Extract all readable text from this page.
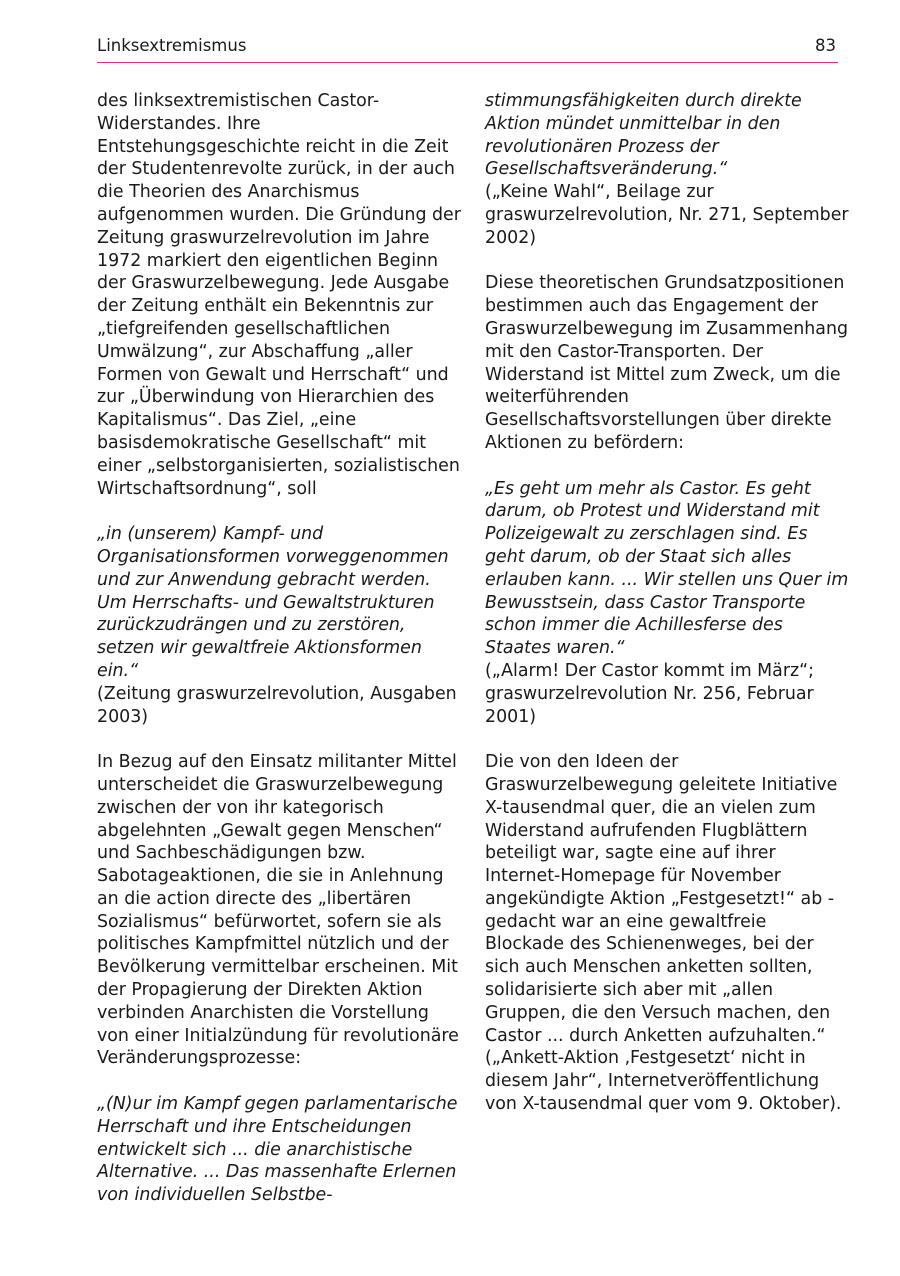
Linksextremismus	83

des linksextremistischen Castor-Widerstandes. Ihre Entstehungsgeschichte reicht in die Zeit der Studentenrevolte zurück, in der auch die Theorien des Anarchismus aufgenommen wurden. Die Gründung der Zeitung graswurzelrevolution im Jahre 1972 markiert den eigentlichen Beginn der Graswurzelbewegung. Jede Ausgabe der Zeitung enthält ein Bekenntnis zur „tiefgreifenden gesellschaftlichen Umwälzung“, zur Abschaffung „aller Formen von Gewalt und Herrschaft“ und zur „Überwindung von Hierarchien des Kapitalismus“. Das Ziel, „eine basisdemokratische Gesellschaft“ mit einer „selbstorganisierten, sozialistischen Wirtschaftsordnung“, soll

„in (unserem) Kampf- und Organisationsformen vorweggenommen und zur Anwendung gebracht werden. Um Herrschafts- und Gewaltstrukturen zurückzudrängen und zu zerstören, setzen wir gewaltfreie Aktionsformen ein.“

(Zeitung graswurzelrevolution, Ausgaben 2003)

In Bezug auf den Einsatz militanter Mittel unterscheidet die Graswurzelbewegung zwischen der von ihr kategorisch abgelehnten „Gewalt gegen Menschen“ und Sachbeschädigungen bzw. Sabotageaktionen, die sie in Anlehnung an die action directe des „libertären Sozialismus“ befürwortet, sofern sie als politisches Kampfmittel nützlich und der Bevölkerung vermittelbar erscheinen. Mit der Propagierung der Direkten Aktion verbinden Anarchisten die Vorstellung von einer Initialzündung für revolutionäre Veränderungsprozesse:

„(N)ur im Kampf gegen parlamentarische Herrschaft und ihre Entscheidungen entwickelt sich ... die anarchistische Alternative. ... Das massenhafte Erlernen von individuellen Selbstbe-

stimmungsfähigkeiten durch direkte Aktion mündet unmittelbar in den revolutionären Prozess der Gesellschaftsveränderung.“

(„Keine Wahl“, Beilage zur graswurzelrevolution, Nr. 271, September 2002)

Diese theoretischen Grundsatzpositionen bestimmen auch das Engagement der Graswurzelbewegung im Zusammenhang mit den Castor-Transporten. Der Widerstand ist Mittel zum Zweck, um die weiterführenden Gesellschaftsvorstellungen über direkte Aktionen zu befördern:

„Es geht um mehr als Castor. Es geht darum, ob Protest und Widerstand mit Polizeigewalt zu zerschlagen sind. Es geht darum, ob der Staat sich alles erlauben kann. ... Wir stellen uns Quer im Bewusstsein, dass Castor Transporte schon immer die Achillesferse des Staates waren.“

(„Alarm! Der Castor kommt im März“; graswurzelrevolution Nr. 256, Februar 2001)

Die von den Ideen der Graswurzelbewegung geleitete Initiative X-tausendmal quer, die an vielen zum Widerstand aufrufenden Flugblättern beteiligt war, sagte eine auf ihrer Internet-Homepage für November angekündigte Aktion „Festgesetzt!“ ab - gedacht war an eine gewaltfreie Blockade des Schienenweges, bei der sich auch Menschen anketten sollten, solidarisierte sich aber mit „allen Gruppen, die den Versuch machen, den Castor ... durch Anketten aufzuhalten.“

(„Ankett-Aktion ‚Festgesetzt‘ nicht in diesem Jahr“, Internetveröffentlichung von X-tausendmal quer vom 9. Oktober).
